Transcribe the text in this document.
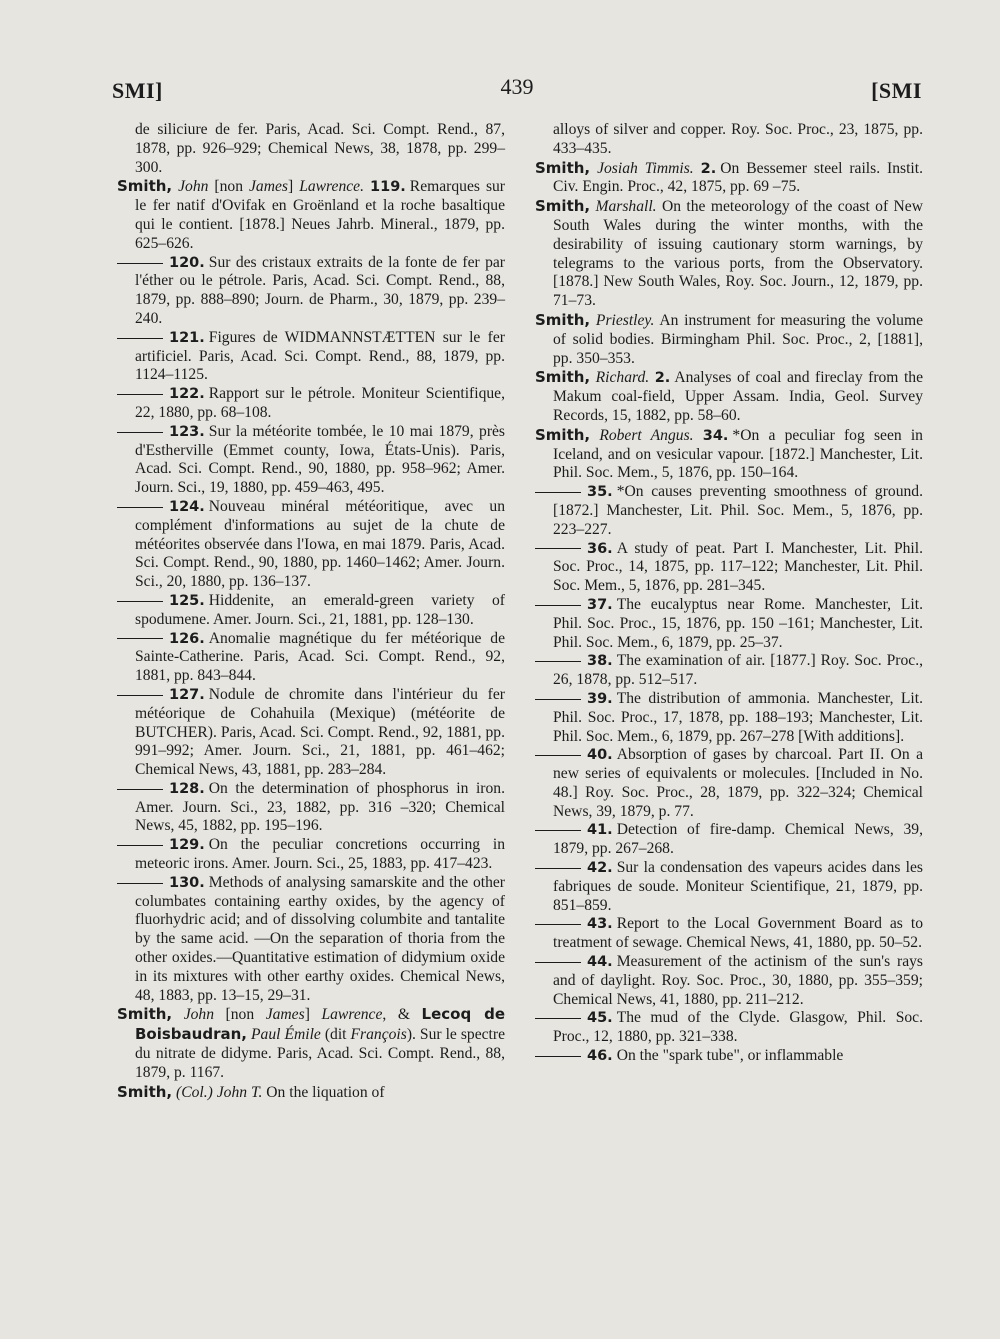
SMI]	439	[SMI

de siliciure de fer. Paris, Acad. Sci. Compt. Rend., 87, 1878, pp. 926–929; Chemical News, 38, 1878, pp. 299–300.

Smith, John [non James] Lawrence. 119. Remarques sur le fer natif d'Ovifak en Groënland et la roche basaltique qui le contient. [1878.] Neues Jahrb. Mineral., 1879, pp. 625–626.

120. Sur des cristaux extraits de la fonte de fer par l'éther ou le pétrole. Paris, Acad. Sci. Compt. Rend., 88, 1879, pp. 888–890; Journ. de Pharm., 30, 1879, pp. 239–240.

121. Figures de WIDMANNSTÆTTEN sur le fer artificiel. Paris, Acad. Sci. Compt. Rend., 88, 1879, pp. 1124–1125.

122. Rapport sur le pétrole. Moniteur Scientifique, 22, 1880, pp. 68–108.

123. Sur la météorite tombée, le 10 mai 1879, près d'Estherville (Emmet county, Iowa, États-Unis). Paris, Acad. Sci. Compt. Rend., 90, 1880, pp. 958–962; Amer. Journ. Sci., 19, 1880, pp. 459–463, 495.

124. Nouveau minéral météoritique, avec un complément d'informations au sujet de la chute de météorites observée dans l'Iowa, en mai 1879. Paris, Acad. Sci. Compt. Rend., 90, 1880, pp. 1460–1462; Amer. Journ. Sci., 20, 1880, pp. 136–137.

125. Hiddenite, an emerald-green variety of spodumene. Amer. Journ. Sci., 21, 1881, pp. 128–130.

126. Anomalie magnétique du fer météorique de Sainte-Catherine. Paris, Acad. Sci. Compt. Rend., 92, 1881, pp. 843–844.

127. Nodule de chromite dans l'intérieur du fer météorique de Cohahuila (Mexique) (météorite de BUTCHER). Paris, Acad. Sci. Compt. Rend., 92, 1881, pp. 991–992; Amer. Journ. Sci., 21, 1881, pp. 461–462; Chemical News, 43, 1881, pp. 283–284.

128. On the determination of phosphorus in iron. Amer. Journ. Sci., 23, 1882, pp. 316 –320; Chemical News, 45, 1882, pp. 195–196.

129. On the peculiar concretions occurring in meteoric irons. Amer. Journ. Sci., 25, 1883, pp. 417–423.

130. Methods of analysing samarskite and the other columbates containing earthy oxides, by the agency of fluorhydric acid; and of dissolving columbite and tantalite by the same acid. —On the separation of thoria from the other oxides.—Quantitative estimation of didymium oxide in its mixtures with other earthy oxides. Chemical News, 48, 1883, pp. 13–15, 29–31.

Smith, John [non James] Lawrence, & Lecoq de Boisbaudran, Paul Émile (dit François). Sur le spectre du nitrate de didyme. Paris, Acad. Sci. Compt. Rend., 88, 1879, p. 1167.

Smith, (Col.) John T. On the liquation of

alloys of silver and copper. Roy. Soc. Proc., 23, 1875, pp. 433–435.

Smith, Josiah Timmis. 2. On Bessemer steel rails. Instit. Civ. Engin. Proc., 42, 1875, pp. 69 –75.

Smith, Marshall. On the meteorology of the coast of New South Wales during the winter months, with the desirability of issuing cautionary storm warnings, by telegrams to the various ports, from the Observatory. [1878.] New South Wales, Roy. Soc. Journ., 12, 1879, pp. 71–73.

Smith, Priestley. An instrument for measuring the volume of solid bodies. Birmingham Phil. Soc. Proc., 2, [1881], pp. 350–353.

Smith, Richard. 2. Analyses of coal and fireclay from the Makum coal-field, Upper Assam. India, Geol. Survey Records, 15, 1882, pp. 58–60.

Smith, Robert Angus. 34. *On a peculiar fog seen in Iceland, and on vesicular vapour. [1872.] Manchester, Lit. Phil. Soc. Mem., 5, 1876, pp. 150–164.

35. *On causes preventing smoothness of ground. [1872.] Manchester, Lit. Phil. Soc. Mem., 5, 1876, pp. 223–227.

36. A study of peat. Part I. Manchester, Lit. Phil. Soc. Proc., 14, 1875, pp. 117–122; Manchester, Lit. Phil. Soc. Mem., 5, 1876, pp. 281–345.

37. The eucalyptus near Rome. Manchester, Lit. Phil. Soc. Proc., 15, 1876, pp. 150 –161; Manchester, Lit. Phil. Soc. Mem., 6, 1879, pp. 25–37.

38. The examination of air. [1877.] Roy. Soc. Proc., 26, 1878, pp. 512–517.

39. The distribution of ammonia. Manchester, Lit. Phil. Soc. Proc., 17, 1878, pp. 188–193; Manchester, Lit. Phil. Soc. Mem., 6, 1879, pp. 267–278 [With additions].

40. Absorption of gases by charcoal. Part II. On a new series of equivalents or molecules. [Included in No. 48.] Roy. Soc. Proc., 28, 1879, pp. 322–324; Chemical News, 39, 1879, p. 77.

41. Detection of fire-damp. Chemical News, 39, 1879, pp. 267–268.

42. Sur la condensation des vapeurs acides dans les fabriques de soude. Moniteur Scientifique, 21, 1879, pp. 851–859.

43. Report to the Local Government Board as to treatment of sewage. Chemical News, 41, 1880, pp. 50–52.

44. Measurement of the actinism of the sun's rays and of daylight. Roy. Soc. Proc., 30, 1880, pp. 355–359; Chemical News, 41, 1880, pp. 211–212.

45. The mud of the Clyde. Glasgow, Phil. Soc. Proc., 12, 1880, pp. 321–338.

46. On the "spark tube", or inflammable
